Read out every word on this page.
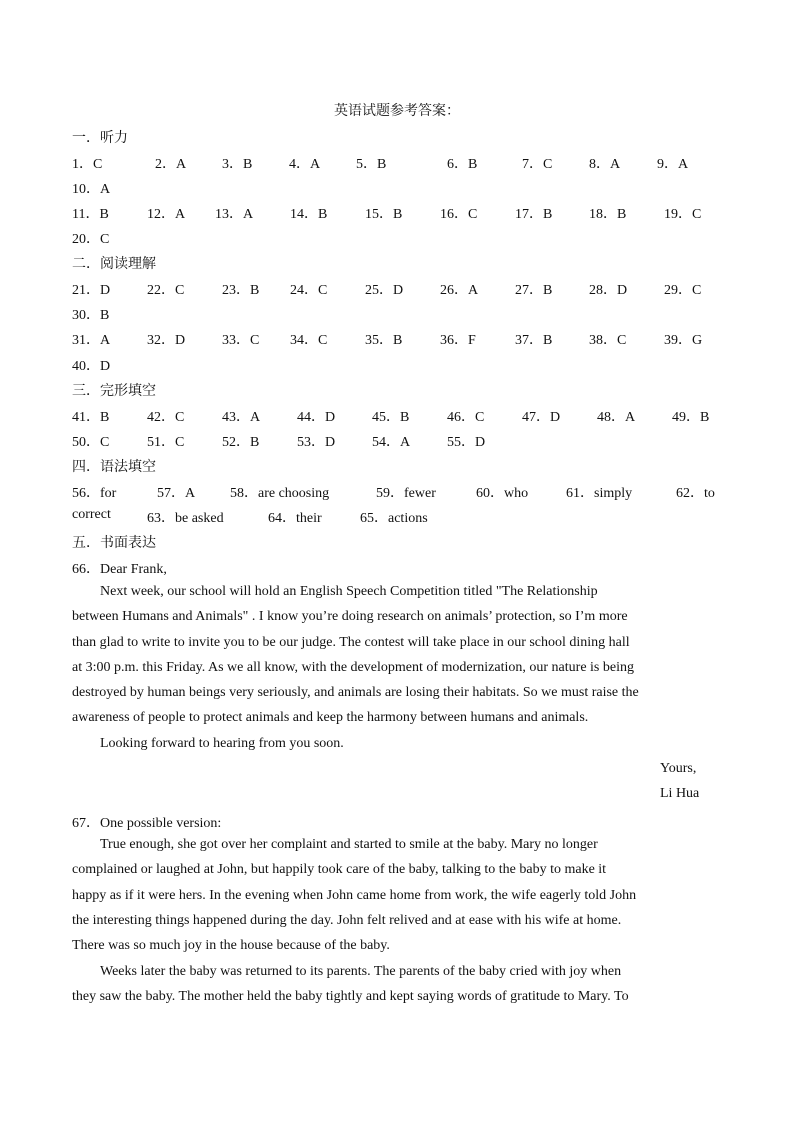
英语试题参考答案：
一．听力
1．C	2．A	3．B	4．A	5．B	6．B	7．C	8．A	9．A
10．A
11．B	12．A 13．A	14．B	15．B	16．C	17．B	18．B	19．C
20．C
二．阅读理解
21．D	22．C	23．B 24．C	25．D	26．A	27．B	28．D	29．C
30．B
31．A	32．D	33．C 34．C	35．B	36．F	37．B	38．C	39．G
40．D
三．完形填空
41．B	42．C	43．A	44．D	45．B	46．C	47．D	48．A	49．B
50．C	51．C	52．B	53．D	54．A	55．D
四．语法填空
56．for	57．A 58．are choosing	59．fewer	60．who	61．simply	62．to
correct	63．be asked	64．their	65．actions
五．书面表达
66．Dear Frank,
Next week, our school will hold an English Speech Competition titled "The Relationship
between Humans and Animals" . I know you’re doing research on animals’ protection, so I’m more
than glad to write to invite you to be our judge. The contest will take place in our school dining hall
at 3:00 p.m. this Friday. As we all know, with the development of modernization, our nature is being
destroyed by human beings very seriously, and animals are losing their habitats. So we must raise the
awareness of people to protect animals and keep the harmony between humans and animals.
Looking forward to hearing from you soon.
Yours,
Li Hua
67．One possible version:
True enough, she got over her complaint and started to smile at the baby. Mary no longer
complained or laughed at John, but happily took care of the baby, talking to the baby to make it
happy as if it were hers. In the evening when John came home from work, the wife eagerly told John
the interesting things happened during the day. John felt relived and at ease with his wife at home.
There was so much joy in the house because of the baby.
Weeks later the baby was returned to its parents. The parents of the baby cried with joy when
they saw the baby. The mother held the baby tightly and kept saying words of gratitude to Mary. To
